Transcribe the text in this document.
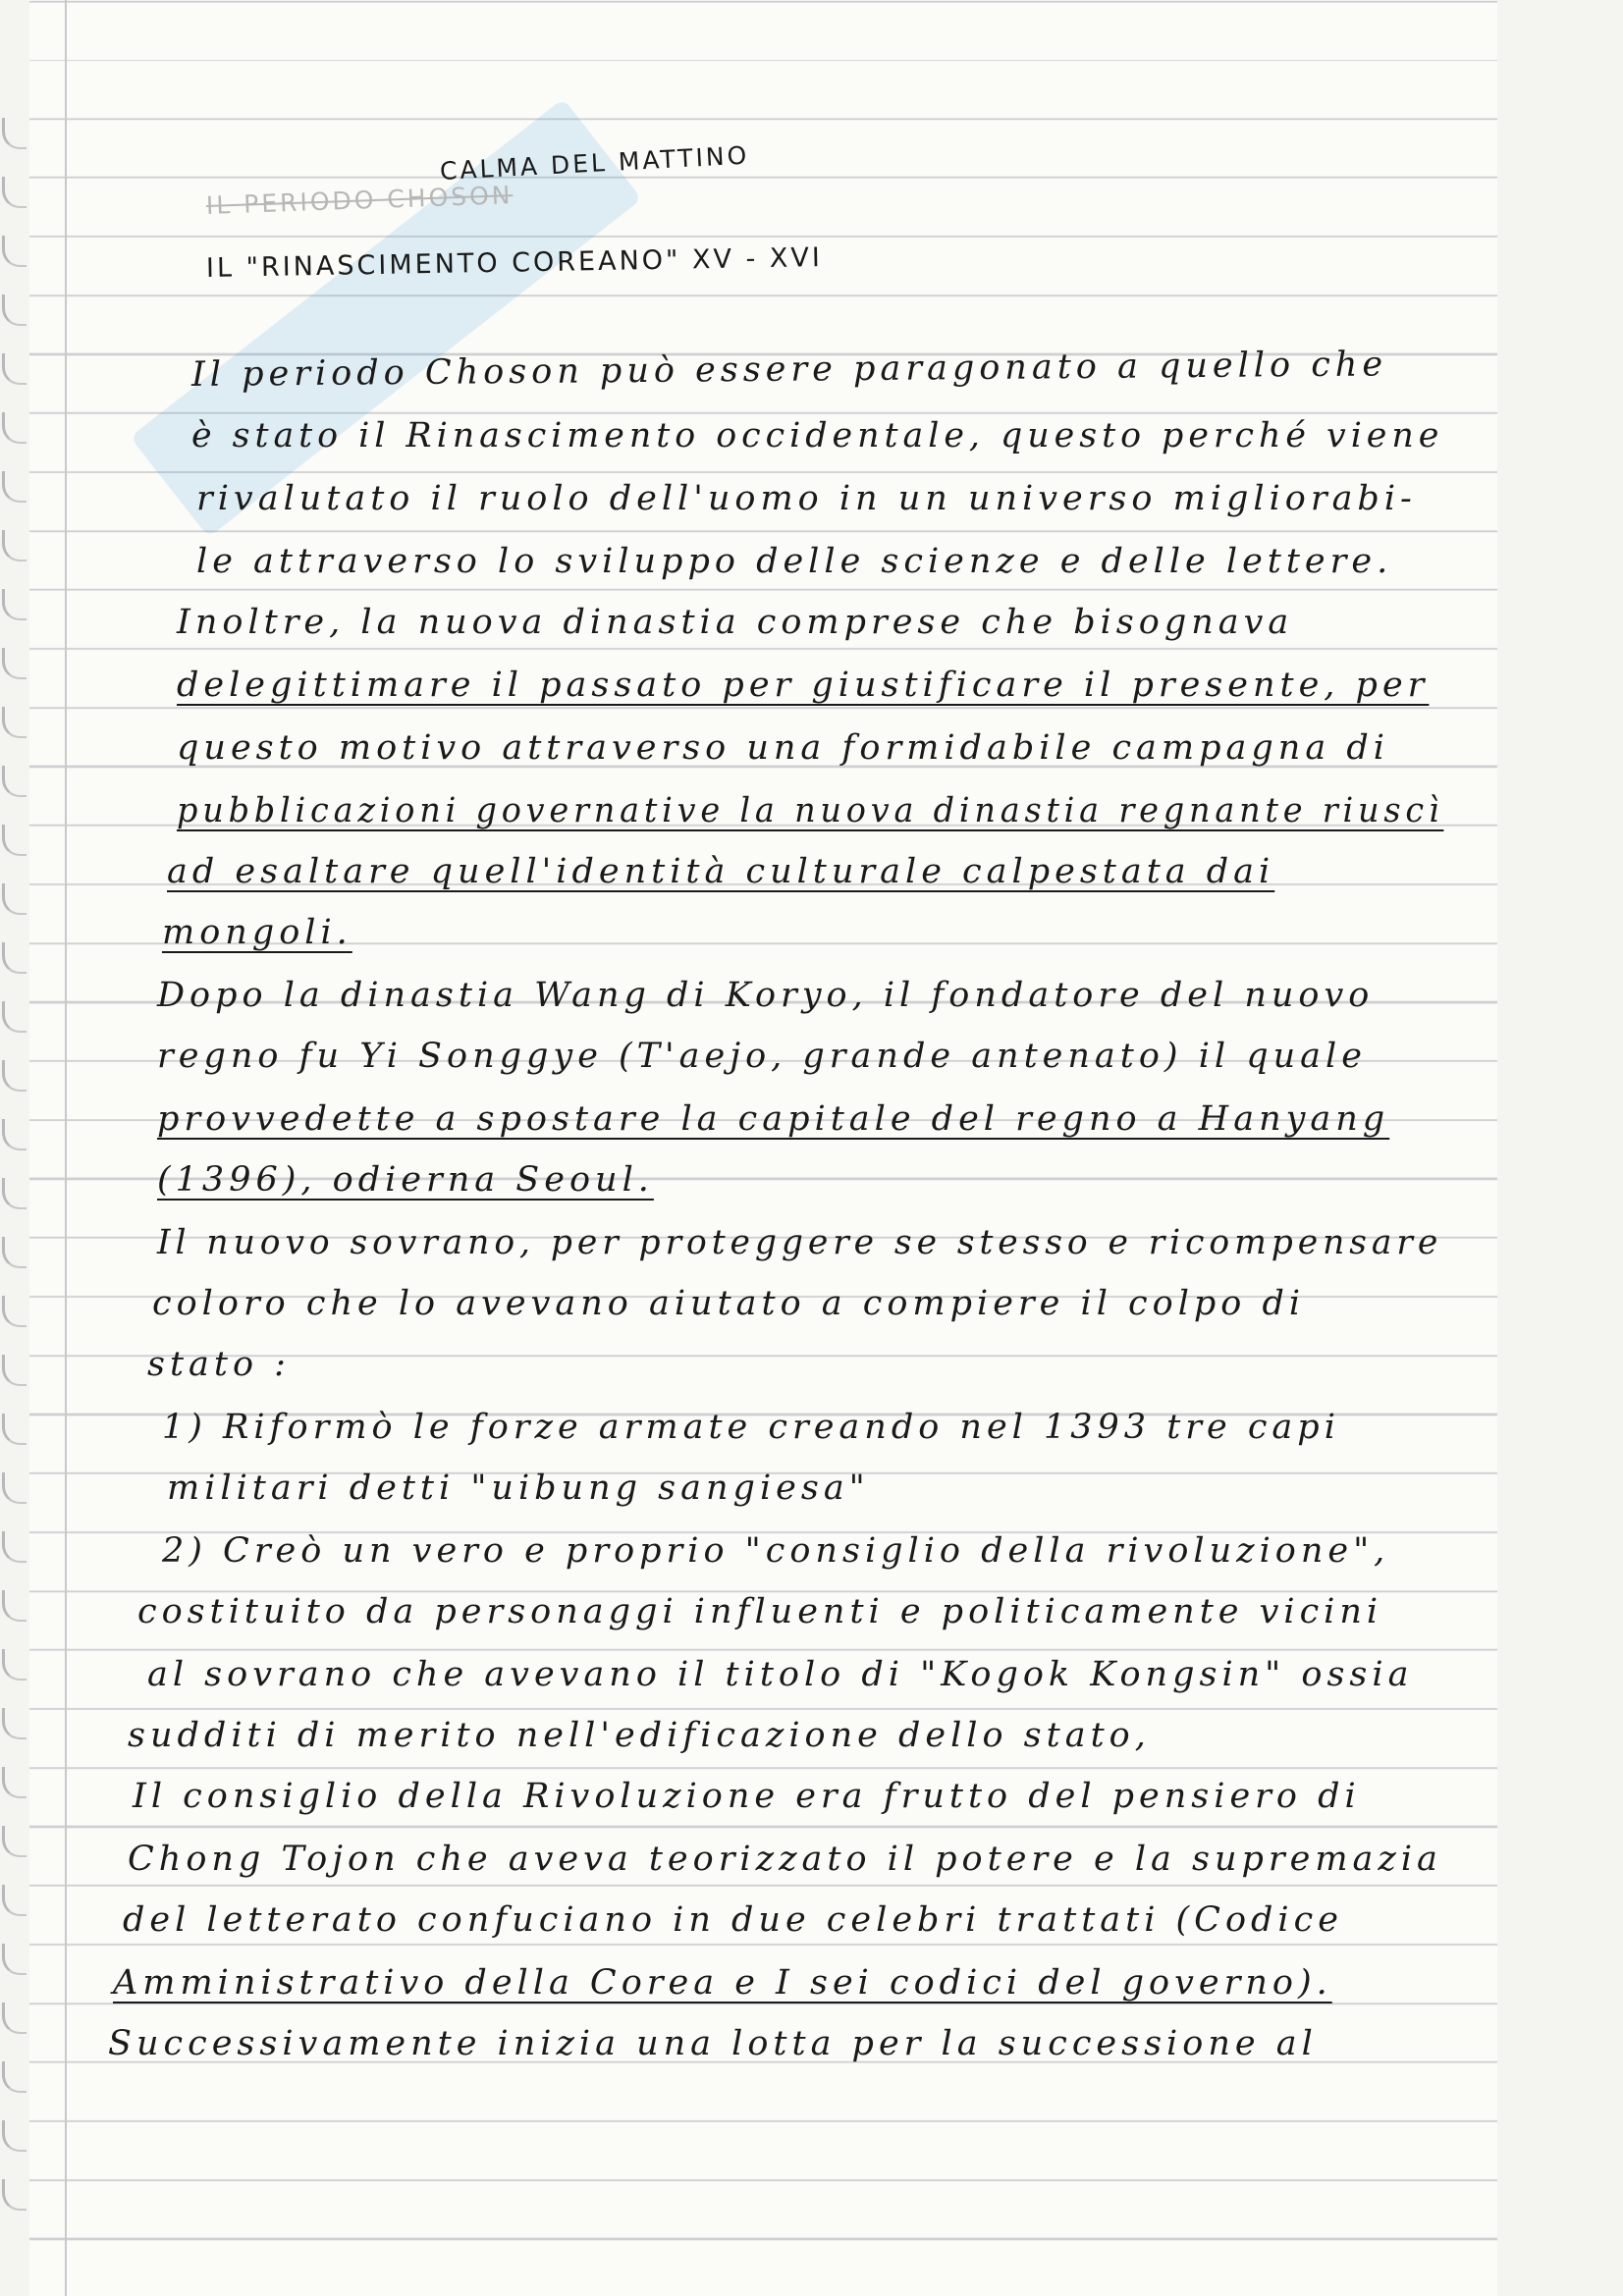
CALMA DEL MATTINO
IL PERIODO CHOSON
IL "RINASCIMENTO COREANO" XV - XVI
Il periodo Choson può essere paragonato a quello che
è stato il Rinascimento occidentale, questo perché viene
rivalutato il ruolo dell'uomo in un universo migliorabi-
le attraverso lo sviluppo delle scienze e delle lettere.
Inoltre, la nuova dinastia comprese che bisognava
delegittimare il passato per giustificare il presente, per
questo motivo attraverso una formidabile campagna di
pubblicazioni governative la nuova dinastia regnante riuscì
ad esaltare quell'identità culturale calpestata dai
mongoli.
Dopo la dinastia Wang di Koryo, il fondatore del nuovo
regno fu Yi Songgye (T'aejo, grande antenato) il quale
provvedette a spostare la capitale del regno a Hanyang
(1396), odierna Seoul.
Il nuovo sovrano, per proteggere se stesso e ricompensare
coloro che lo avevano aiutato a compiere il colpo di
stato :
1) Riformò le forze armate creando nel 1393 tre capi
militari detti "uibung sangiesa"
2) Creò un vero e proprio "consiglio della rivoluzione",
costituito da personaggi influenti e politicamente vicini
al sovrano che avevano il titolo di "Kogok Kongsin" ossia
sudditi di merito nell'edificazione dello stato,
Il consiglio della Rivoluzione era frutto del pensiero di
Chong Tojon che aveva teorizzato il potere e la supremazia
del letterato confuciano in due celebri trattati (Codice
Amministrativo della Corea e I sei codici del governo).
Successivamente inizia una lotta per la successione al
